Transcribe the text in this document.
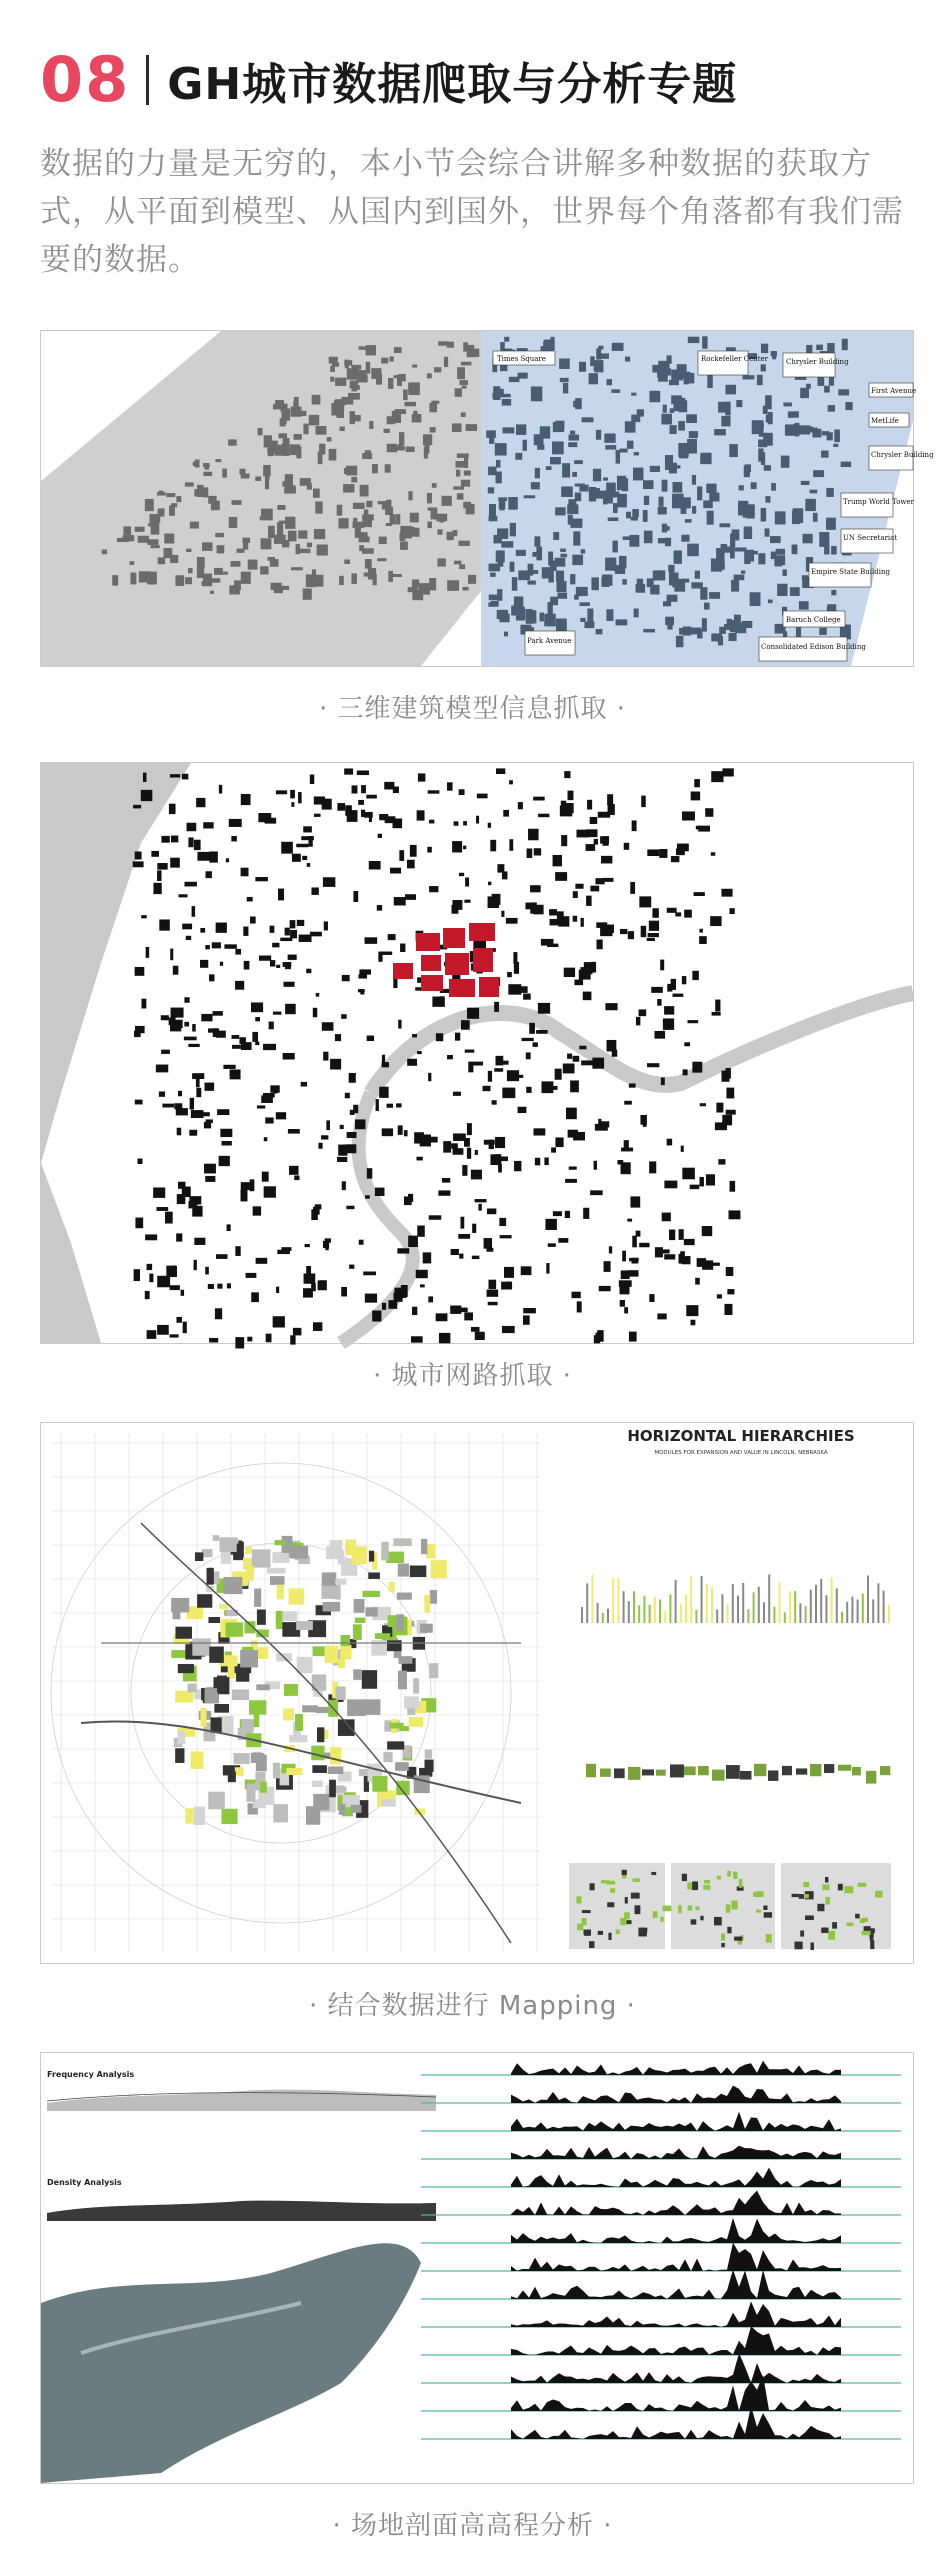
08 GH城市数据爬取与分析专题
数据的力量是无穷的，本小节会综合讲解多种数据的获取方式，从平面到模型、从国内到国外，世界每个角落都有我们需要的数据。
Times Square	Rockefeller Center	Chrysler Building
First Avenue
MetLife
Chrysler Building
Trump World Tower
UN Secretariat
Empire State Building
Baruch College
Consolidated Edison Building
Park Avenue
· 三维建筑模型信息抓取 ·
· 城市网路抓取 ·
HORIZONTAL HIERARCHIES
MODULES FOR EXPANSION AND VALUE IN LINCOLN, NEBRASKA
· 结合数据进行 Mapping ·
Frequency Analysis
Density Analysis
· 场地剖面高高程分析 ·
